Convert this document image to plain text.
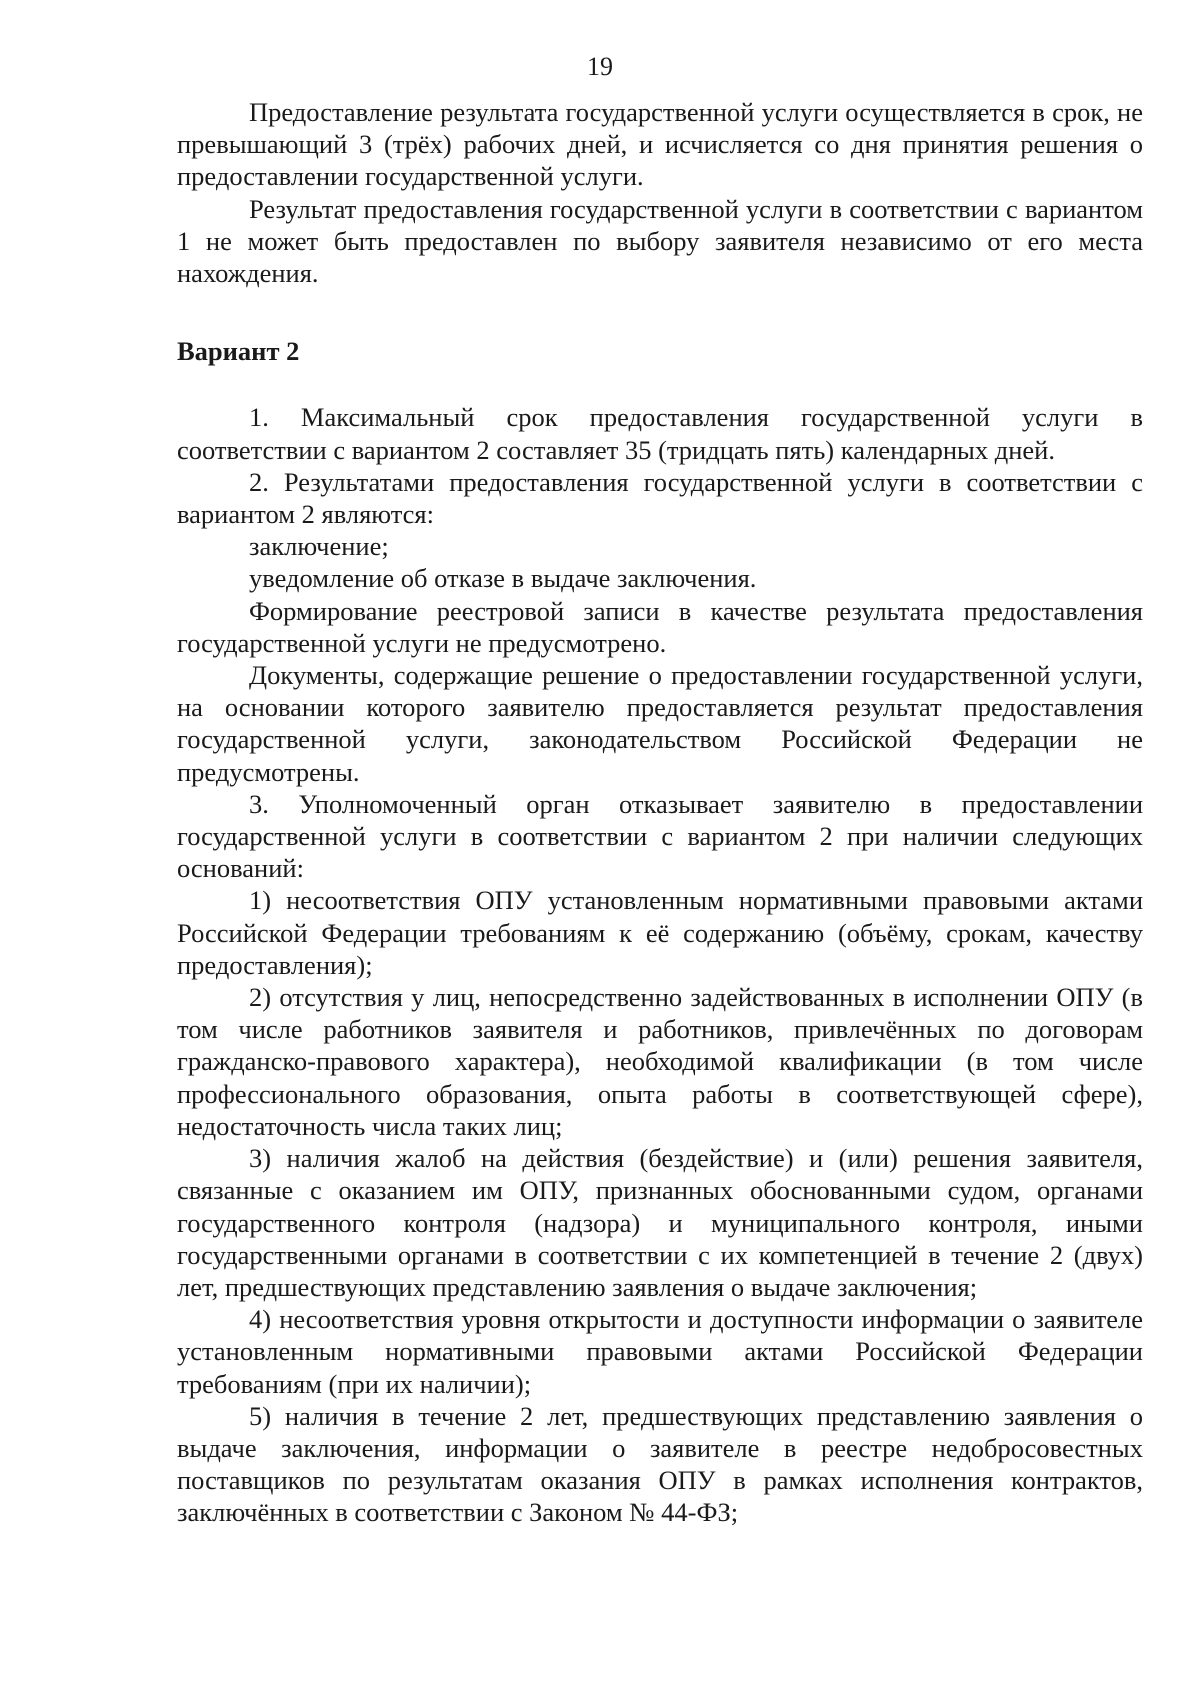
19

Предоставление результата государственной услуги осуществляется в срок, не превышающий 3 (трёх) рабочих дней, и исчисляется со дня принятия решения о предоставлении государственной услуги.

Результат предоставления государственной услуги в соответствии с вариантом 1 не может быть предоставлен по выбору заявителя независимо от его места нахождения.

Вариант 2

1. Максимальный срок предоставления государственной услуги в соответствии с вариантом 2 составляет 35 (тридцать пять) календарных дней.

2. Результатами предоставления государственной услуги в соответствии с вариантом 2 являются:

заключение;

уведомление об отказе в выдаче заключения.

Формирование реестровой записи в качестве результата предоставления государственной услуги не предусмотрено.

Документы, содержащие решение о предоставлении государственной услуги, на основании которого заявителю предоставляется результат предоставления государственной услуги, законодательством Российской Федерации не предусмотрены.

3. Уполномоченный орган отказывает заявителю в предоставлении государственной услуги в соответствии с вариантом 2 при наличии следующих оснований:

1) несоответствия ОПУ установленным нормативными правовыми актами Российской Федерации требованиям к её содержанию (объёму, срокам, качеству предоставления);

2) отсутствия у лиц, непосредственно задействованных в исполнении ОПУ (в том числе работников заявителя и работников, привлечённых по договорам гражданско-правового характера), необходимой квалификации (в том числе профессионального образования, опыта работы в соответствующей сфере), недостаточность числа таких лиц;

3) наличия жалоб на действия (бездействие) и (или) решения заявителя, связанные с оказанием им ОПУ, признанных обоснованными судом, органами государственного контроля (надзора) и муниципального контроля, иными государственными органами в соответствии с их компетенцией в течение 2 (двух) лет, предшествующих представлению заявления о выдаче заключения;

4) несоответствия уровня открытости и доступности информации о заявителе установленным нормативными правовыми актами Российской Федерации требованиям (при их наличии);

5) наличия в течение 2 лет, предшествующих представлению заявления о выдаче заключения, информации о заявителе в реестре недобросовестных поставщиков по результатам оказания ОПУ в рамках исполнения контрактов, заключённых в соответствии с Законом № 44-ФЗ;
